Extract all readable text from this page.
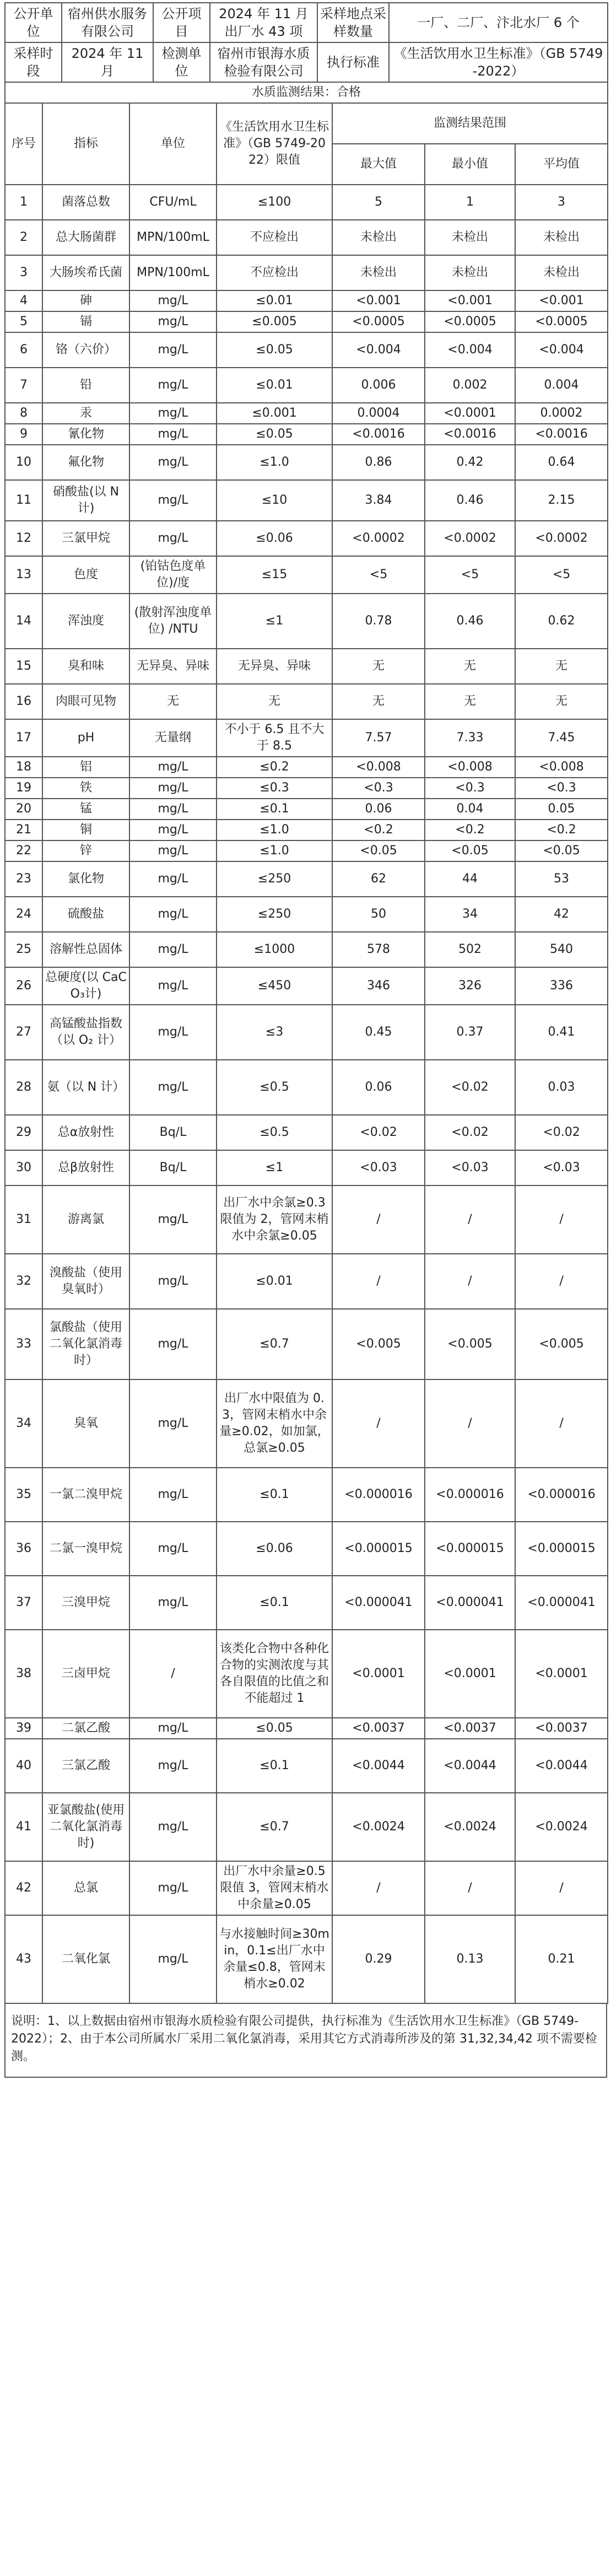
公开单位	宿州供水服务有限公司	公开项目	2024 年 11 月出厂水 43 项	采样地点采样数量	一厂、二厂、汴北水厂 6 个
采样时段	2024 年 11 月	检测单位	宿州市银海水质检验有限公司	执行标准	《生活饮用水卫生标准》（GB 5749-2022）
水质监测结果：合格						
序号	指标	单位	《生活饮用水卫生标准》（GB 5749-2022）限值	监测结果范围		
				最大值	最小值	平均值
1	菌落总数	CFU/mL	≤100	5	1	3
2	总大肠菌群	MPN/100mL	不应检出	未检出	未检出	未检出
3	大肠埃希氏菌	MPN/100mL	不应检出	未检出	未检出	未检出
4	砷	mg/L	≤0.01	<0.001	<0.001	<0.001
5	镉	mg/L	≤0.005	<0.0005	<0.0005	<0.0005
6	铬（六价）	mg/L	≤0.05	<0.004	<0.004	<0.004
7	铅	mg/L	≤0.01	0.006	0.002	0.004
8	汞	mg/L	≤0.001	0.0004	<0.0001	0.0002
9	氰化物	mg/L	≤0.05	<0.0016	<0.0016	<0.0016
10	氟化物	mg/L	≤1.0	0.86	0.42	0.64
11	硝酸盐(以 N 计)	mg/L	≤10	3.84	0.46	2.15
12	三氯甲烷	mg/L	≤0.06	<0.0002	<0.0002	<0.0002
13	色度	(铂钴色度单位)/度	≤15	<5	<5	<5
14	浑浊度	(散射浑浊度单位) /NTU	≤1	0.78	0.46	0.62
15	臭和味	无异臭、异味	无异臭、异味	无	无	无
16	肉眼可见物	无	无	无	无	无
17	pH	无量纲	不小于 6.5 且不大于 8.5	7.57	7.33	7.45
18	铝	mg/L	≤0.2	<0.008	<0.008	<0.008
19	铁	mg/L	≤0.3	<0.3	<0.3	<0.3
20	锰	mg/L	≤0.1	0.06	0.04	0.05
21	铜	mg/L	≤1.0	<0.2	<0.2	<0.2
22	锌	mg/L	≤1.0	<0.05	<0.05	<0.05
23	氯化物	mg/L	≤250	62	44	53
24	硫酸盐	mg/L	≤250	50	34	42
25	溶解性总固体	mg/L	≤1000	578	502	540
26	总硬度(以 CaCO₃计)	mg/L	≤450	346	326	336
27	高锰酸盐指数（以 O₂ 计）	mg/L	≤3	0.45	0.37	0.41
28	氨（以 N 计）	mg/L	≤0.5	0.06	<0.02	0.03
29	总α放射性	Bq/L	≤0.5	<0.02	<0.02	<0.02
30	总β放射性	Bq/L	≤1	<0.03	<0.03	<0.03
31	游离氯	mg/L	出厂水中余氯≥0.3 限值为 2，管网末梢水中余氯≥0.05	/	/	/
32	溴酸盐（使用臭氧时）	mg/L	≤0.01	/	/	/
33	氯酸盐（使用二氧化氯消毒时）	mg/L	≤0.7	<0.005	<0.005	<0.005
34	臭氧	mg/L	出厂水中限值为 0.3，管网末梢水中余量≥0.02，如加氯，总氯≥0.05	/	/	/
35	一氯二溴甲烷	mg/L	≤0.1	<0.000016	<0.000016	<0.000016
36	二氯一溴甲烷	mg/L	≤0.06	<0.000015	<0.000015	<0.000015
37	三溴甲烷	mg/L	≤0.1	<0.000041	<0.000041	<0.000041
38	三卤甲烷	/	该类化合物中各种化合物的实测浓度与其各自限值的比值之和不能超过 1	<0.0001	<0.0001	<0.0001
39	二氯乙酸	mg/L	≤0.05	<0.0037	<0.0037	<0.0037
40	三氯乙酸	mg/L	≤0.1	<0.0044	<0.0044	<0.0044
41	亚氯酸盐(使用二氧化氯消毒时)	mg/L	≤0.7	<0.0024	<0.0024	<0.0024
42	总氯	mg/L	出厂水中余量≥0.5 限值 3，管网末梢水中余量≥0.05	/	/	/
43	二氧化氯	mg/L	与水接触时间≥30min，0.1≤出厂水中余量≤0.8，管网末梢水≥0.02	0.29	0.13	0.21
说明：1、以上数据由宿州市银海水质检验有限公司提供，执行标准为《生活饮用水卫生标准》（GB 5749-2022）；2、由于本公司所属水厂采用二氧化氯消毒，采用其它方式消毒所涉及的第 31,32,34,42 项不需要检测。
